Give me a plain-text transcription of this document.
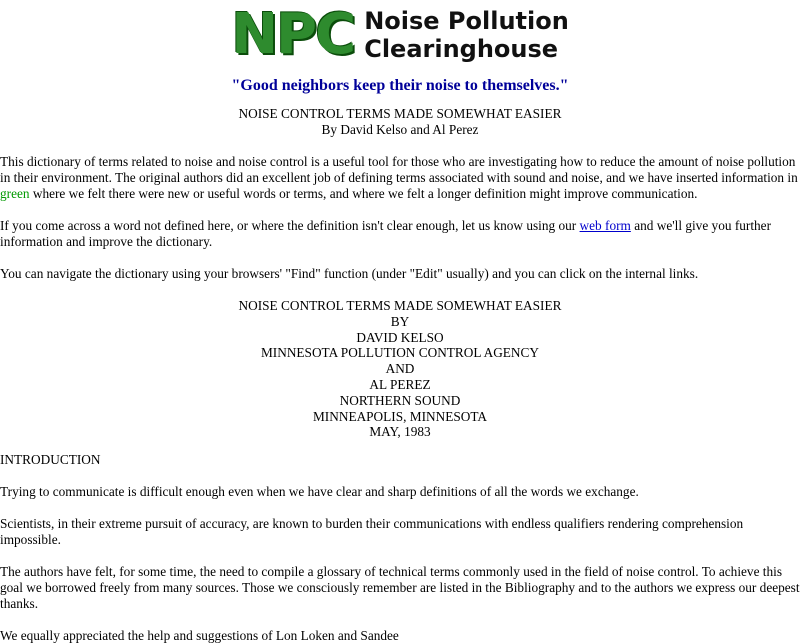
NPC Noise Pollution
Clearinghouse
"Good neighbors keep their noise to themselves."
NOISE CONTROL TERMS MADE SOMEWHAT EASIER
By David Kelso and Al Perez

This dictionary of terms related to noise and noise control is a useful tool for those who are investigating how to reduce the amount of noise pollution in their environment. The original authors did an excellent job of defining terms associated with sound and noise, and we have inserted information in green where we felt there were new or useful words or terms, and where we felt a longer definition might improve communication.

If you come across a word not defined here, or where the definition isn't clear enough, let us know using our web form and we'll give you further information and improve the dictionary.

You can navigate the dictionary using your browsers' "Find" function (under "Edit" usually) and you can click on the internal links.

NOISE CONTROL TERMS MADE SOMEWHAT EASIER
BY
DAVID KELSO
MINNESOTA POLLUTION CONTROL AGENCY
AND
AL PEREZ
NORTHERN SOUND
MINNEAPOLIS, MINNESOTA
MAY, 1983

INTRODUCTION

Trying to communicate is difficult enough even when we have clear and sharp definitions of all the words we exchange.

Scientists, in their extreme pursuit of accuracy, are known to burden their communications with endless qualifiers rendering comprehension impossible.

The authors have felt, for some time, the need to compile a glossary of technical terms commonly used in the field of noise control. To achieve this goal we borrowed freely from many sources. Those we consciously remember are listed in the Bibliography and to the authors we express our deepest thanks.

We equally appreciated the help and suggestions of Lon Loken and Sandee
